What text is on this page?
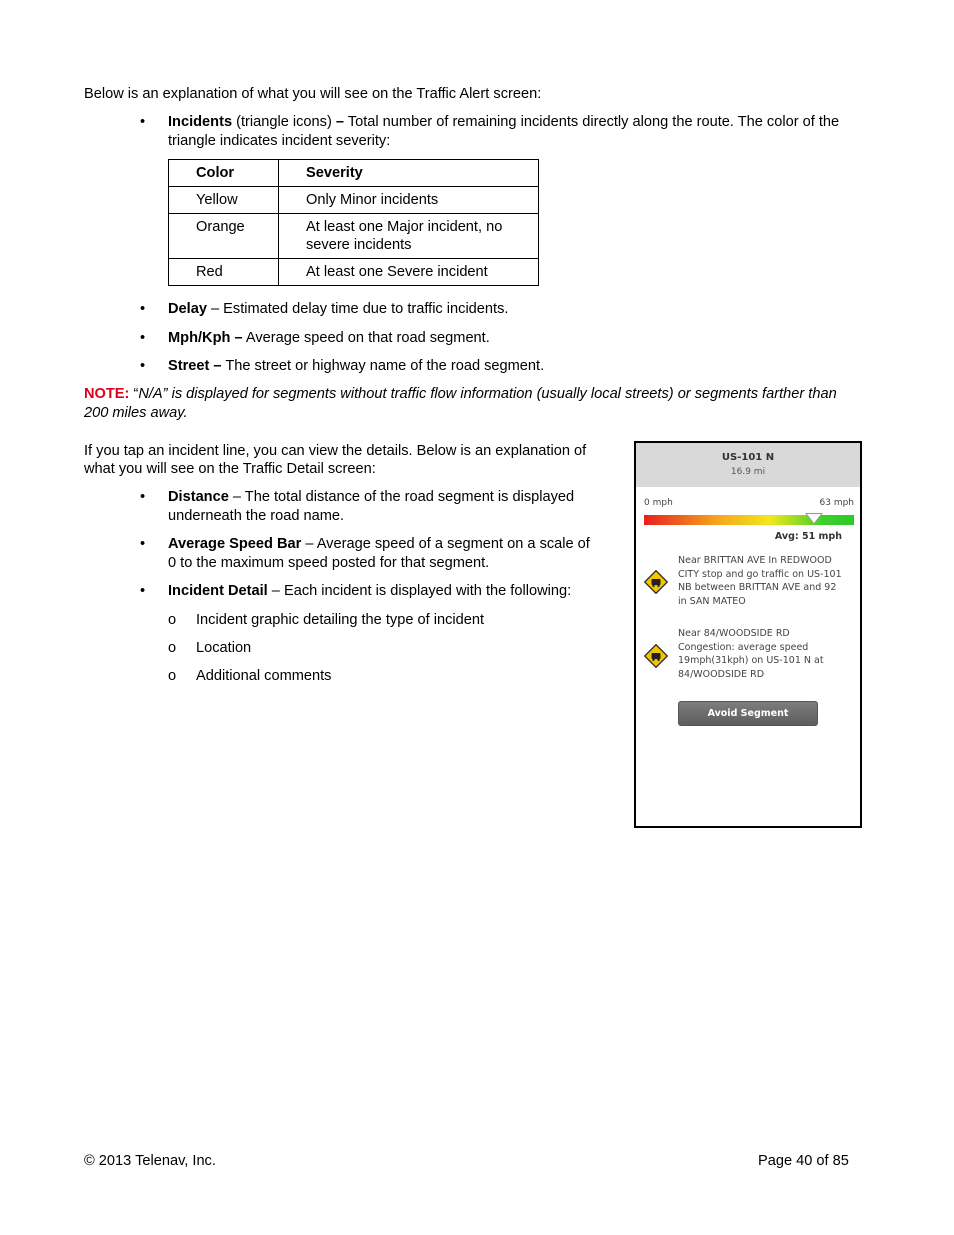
Below is an explanation of what you will see on the Traffic Alert screen:
•	Incidents (triangle icons) – Total number of remaining incidents directly along the route. The color of the
triangle indicates incident severity:
Color	Severity
Yellow	Only Minor incidents
Orange	At least one Major incident, no
severe incidents
Red	At least one Severe incident
•	Delay – Estimated delay time due to traffic incidents.
•	Mph/Kph – Average speed on that road segment.
•	Street – The street or highway name of the road segment.
NOTE: “N/A” is displayed for segments without traffic flow information (usually local streets) or segments farther than
200 miles away.
If you tap an incident line, you can view the details. Below is an explanation of
what you will see on the Traffic Detail screen:
•	Distance – The total distance of the road segment is displayed
underneath the road name.
•	Average Speed Bar – Average speed of a segment on a scale of
0 to the maximum speed posted for that segment.
•	Incident Detail – Each incident is displayed with the following:
o Incident graphic detailing the type of incident
o Location
o Additional comments
US-101 N
16.9 mi
0 mph	63 mph
Avg: 51 mph
Near BRITTAN AVE In REDWOOD
CITY stop and go traffic on US-101
NB between BRITTAN AVE and 92
in SAN MATEO
Near 84/WOODSIDE RD
Congestion: average speed
19mph(31kph) on US-101 N at
84/WOODSIDE RD
Avoid Segment
© 2013 Telenav, Inc.	Page 40 of 85
